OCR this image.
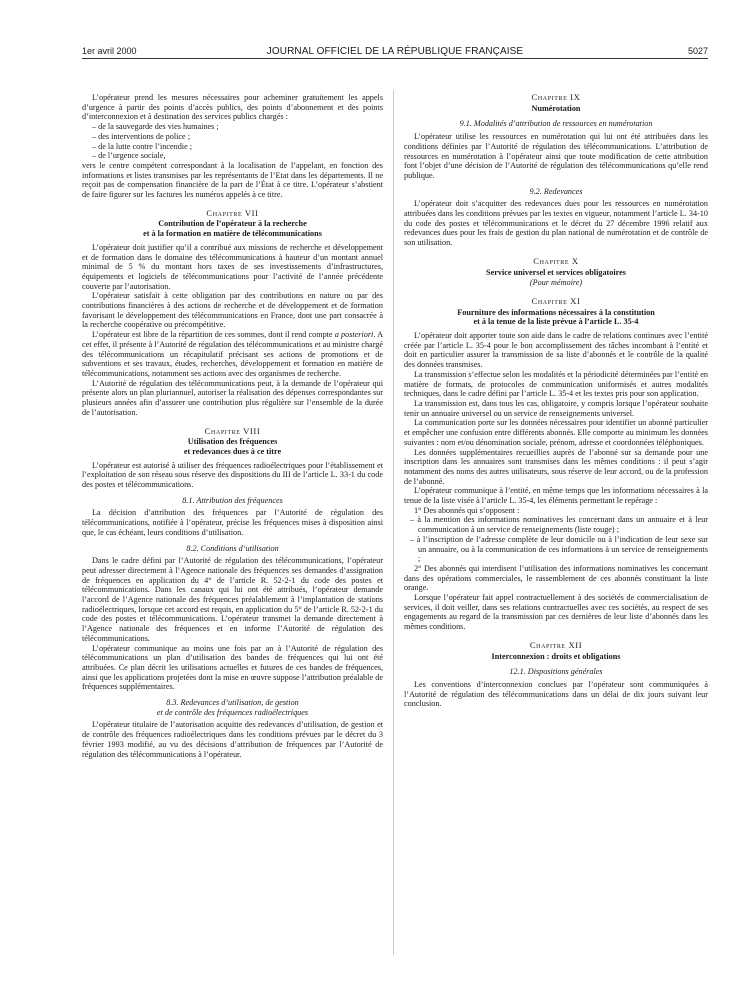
1er avril 2000	JOURNAL OFFICIEL DE LA RÉPUBLIQUE FRANÇAISE	5027

L’opérateur prend les mesures nécessaires pour acheminer gratuitement les appels d’urgence à partir des points d’accès publics, des points d’abonnement et des points d’interconnexion et à destination des services publics chargés :

– de la sauvegarde des vies humaines ;
– des interventions de police ;
– de la lutte contre l’incendie ;
– de l’urgence sociale,

vers le centre compétent correspondant à la localisation de l’appelant, en fonction des informations et listes transmises par les représentants de l’Etat dans les départements. Il ne reçoit pas de compensation financière de la part de l’État à ce titre. L’opérateur s’abstient de faire figurer sur les factures les numéros appelés à ce titre.

Chapitre VII
Contribution de l’opérateur à la recherche
et à la formation en matière de télécommunications

L’opérateur doit justifier qu’il a contribué aux missions de recherche et développement et de formation dans le domaine des télécommunications à hauteur d’un montant annuel minimal de 5 % du montant hors taxes de ses investissements d’infrastructures, équipements et logiciels de télécommunications pour l’activité de l’année précédente couverte par l’autorisation.

L’opérateur satisfait à cette obligation par des contributions en nature ou par des contributions financières à des actions de recherche et de développement et de formation favorisant le développement des télécommunications en France, dont une part consacrée à la recherche coopérative ou précompétitive.

L’opérateur est libre de la répartition de ces sommes, dont il rend compte a posteriori. A cet effet, il présente à l’Autorité de régulation des télécommunications et au ministre chargé des télécommunications un récapitulatif précisant ses actions de promotions et de subventions et ses travaux, études, recherches, développement et formation en matière de télécommunications, notamment ses actions avec des organismes de recherche.

L’Autorité de régulation des télécommunications peut, à la demande de l’opérateur qui présente alors un plan pluriannuel, autoriser la réalisation des dépenses correspondantes sur plusieurs années afin d’assurer une contribution plus régulière sur l’ensemble de la durée de l’autorisation.

Chapitre VIII
Utilisation des fréquences
et redevances dues à ce titre

L’opérateur est autorisé à utiliser des fréquences radioélectriques pour l’établissement et l’exploitation de son réseau sous réserve des dispositions du III de l’article L. 33-1 du code des postes et télécommunications.

8.1. Attribution des fréquences

La décision d’attribution des fréquences par l’Autorité de régulation des télécommunications, notifiée à l’opérateur, précise les fréquences mises à disposition ainsi que, le cas échéant, leurs conditions d’utilisation.

8.2. Conditions d’utilisation

Dans le cadre défini par l’Autorité de régulation des télécommunications, l’opérateur peut adresser directement à l’Agence nationale des fréquences ses demandes d’assignation de fréquences en application du 4° de l’article R. 52-2-1 du code des postes et télécommunications. Dans les canaux qui lui ont été attribués, l’opérateur demande l’accord de l’Agence nationale des fréquences préalablement à l’implantation de stations radioélectriques, lorsque cet accord est requis, en application du 5° de l’article R. 52-2-1 du code des postes et télécommunications. L’opérateur transmet la demande directement à l’Agence nationale des fréquences et en informe l’Autorité de régulation des télécommunications.

L’opérateur communique au moins une fois par an à l’Autorité de régulation des télécommunications un plan d’utilisation des bandes de fréquences qui lui ont été attribuées. Ce plan décrit les utilisations actuelles et futures de ces bandes de fréquences, ainsi que les applications projetées dont la mise en œuvre suppose l’attribution préalable de fréquences supplémentaires.

8.3. Redevances d’utilisation, de gestion
et de contrôle des fréquences radioélectriques

L’opérateur titulaire de l’autorisation acquitte des redevances d’utilisation, de gestion et de contrôle des fréquences radioélectriques dans les conditions prévues par le décret du 3 février 1993 modifié, au vu des décisions d’attribution de fréquences par l’Autorité de régulation des télécommunications à l’opérateur.

Chapitre IX
Numérotation
9.1. Modalités d’attribution de ressources en numérotation

L’opérateur utilise les ressources en numérotation qui lui ont été attribuées dans les conditions définies par l’Autorité de régulation des télécommunications. L’attribution de ressources en numérotation à l’opérateur ainsi que toute modification de cette attribution font l’objet d’une décision de l’Autorité de régulation des télécommunications qu’elle rend publique.

9.2. Redevances

L’opérateur doit s’acquitter des redevances dues pour les ressources en numérotation attribuées dans les conditions prévues par les textes en vigueur, notamment l’article L. 34-10 du code des postes et télécommunications et le décret du 27 décembre 1996 relatif aux redevances dues pour les frais de gestion du plan national de numérotation et de contrôle de son utilisation.

Chapitre X
Service universel et services obligatoires
(Pour mémoire)
Chapitre XI
Fourniture des informations nécessaires à la constitution
et à la tenue de la liste prévue à l’article L. 35-4

L’opérateur doit apporter toute son aide dans le cadre de relations continues avec l’entité créée par l’article L. 35-4 pour le bon accomplissement des tâches incombant à l’entité et doit en particulier assurer la transmission de sa liste d’abonnés et le contrôle de la qualité des données transmises.

La transmission s’effectue selon les modalités et la périodicité déterminées par l’entité en matière de formats, de protocoles de communication uniformisés et autres modalités techniques, dans le cadre défini par l’article L. 35-4 et les textes pris pour son application.

La transmission est, dans tous les cas, obligatoire, y compris lorsque l’opérateur souhaite tenir un annuaire universel ou un service de renseignements universel.

La communication porte sur les données nécessaires pour identifier un abonné particulier et empêcher une confusion entre différents abonnés. Elle comporte au minimum les données suivantes : nom et/ou dénomination sociale, prénom, adresse et coordonnées téléphoniques.

Les données supplémentaires recueillies auprès de l’abonné sur sa demande pour une inscription dans les annuaires sont transmises dans les mêmes conditions : il peut s’agir notamment des noms des autres utilisateurs, sous réserve de leur accord, ou de la profession de l’abonné.

L’opérateur communique à l’entité, en même temps que les informations nécessaires à la tenue de la liste visée à l’article L. 35-4, les éléments permettant le repérage :

1° Des abonnés qui s’opposent :

– à la mention des informations nominatives les concernant dans un annuaire et à leur communication à un service de renseignements (liste rouge) ;
– à l’inscription de l’adresse complète de leur domicile ou à l’indication de leur sexe sur un annuaire, ou à la communication de ces informations à un service de renseignements ;

2° Des abonnés qui interdisent l’utilisation des informations nominatives les concernant dans des opérations commerciales, le rassemblement de ces abonnés constituant la liste orange.

Lorsque l’opérateur fait appel contractuellement à des sociétés de commercialisation de services, il doit veiller, dans ses relations contractuelles avec ces sociétés, au respect de ses engagements au regard de la transmission par ces dernières de leur liste d’abonnés dans les mêmes conditions.

Chapitre XII
Interconnexion : droits et obligations
12.1. Dispositions générales

Les conventions d’interconnexion conclues par l’opérateur sont communiquées à l’Autorité de régulation des télécommunications dans un délai de dix jours suivant leur conclusion.
